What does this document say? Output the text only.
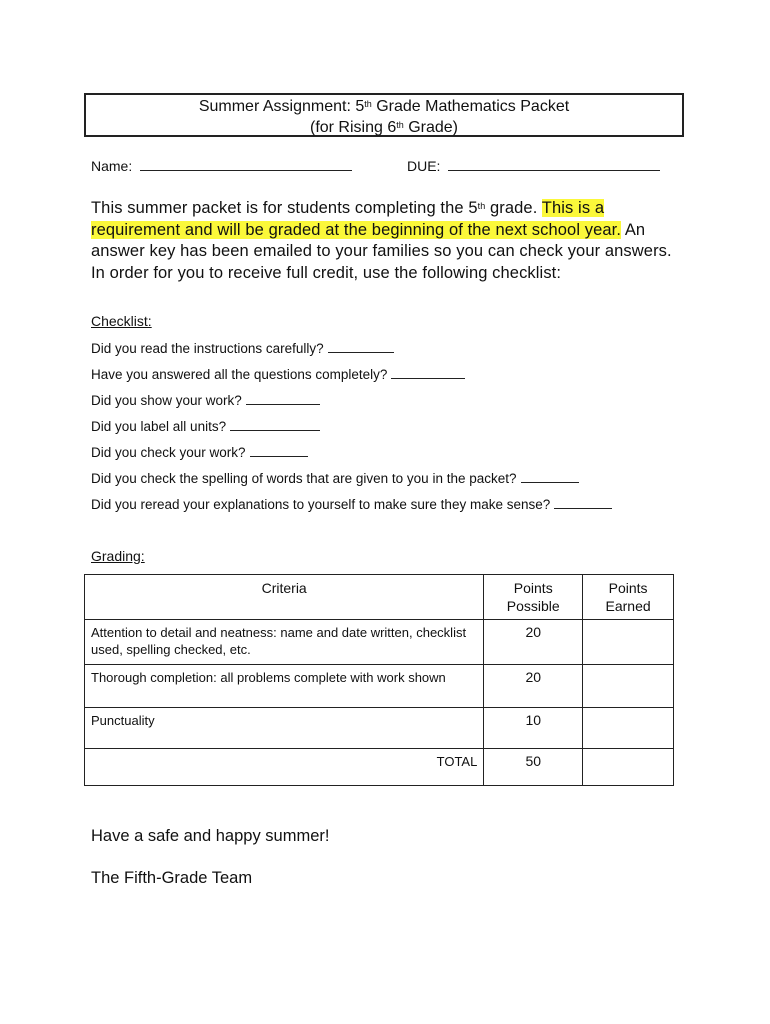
Summer Assignment: 5th Grade Mathematics Packet
(for Rising 6th Grade)
Name:	DUE:
This summer packet is for students completing the 5th grade. This is a requirement and will be graded at the beginning of the next school year. An answer key has been emailed to your families so you can check your answers. In order for you to receive full credit, use the following checklist:
Checklist:
Did you read the instructions carefully?
Have you answered all the questions completely?
Did you show your work?
Did you label all units?
Did you check your work?
Did you check the spelling of words that are given to you in the packet?
Did you reread your explanations to yourself to make sure they make sense?
Grading:
Criteria	Points Possible	Points Earned
Attention to detail and neatness: name and date written, checklist used, spelling checked, etc.	20	
Thorough completion: all problems complete with work shown	20	
Punctuality	10	
TOTAL	50	
Have a safe and happy summer!
The Fifth-Grade Team
